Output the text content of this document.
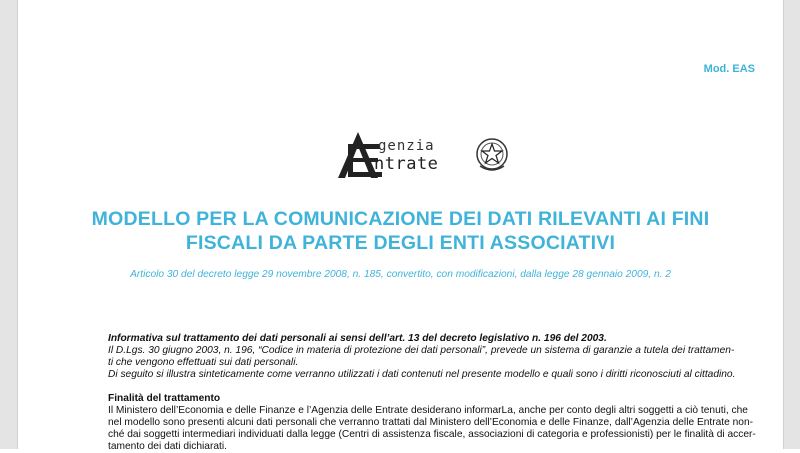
Mod. EAS
genzia
ntrate
MODELLO PER LA COMUNICAZIONE DEI DATI RILEVANTI AI FINI
FISCALI DA PARTE DEGLI ENTI ASSOCIATIVI
Articolo 30 del decreto legge 29 novembre 2008, n. 185, convertito, con modificazioni, dalla legge 28 gennaio 2009, n. 2

Informativa sul trattamento dei dati personali ai sensi dell’art. 13 del decreto legislativo n. 196 del 2003.

Il D.Lgs. 30 giugno 2003, n. 196, “Codice in materia di protezione dei dati personali”, prevede un sistema di garanzie a tutela dei trattamen-

ti che vengono effettuati sui dati personali.

Di seguito si illustra sinteticamente come verranno utilizzati i dati contenuti nel presente modello e quali sono i diritti riconosciuti al cittadino.

Finalità del trattamento

Il Ministero dell’Economia e delle Finanze e l’Agenzia delle Entrate desiderano informarLa, anche per conto degli altri soggetti a ciò tenuti, che

nel modello sono presenti alcuni dati personali che verranno trattati dal Ministero dell’Economia e delle Finanze, dall’Agenzia delle Entrate non-

ché dai soggetti intermediari individuati dalla legge (Centri di assistenza fiscale, associazioni di categoria e professionisti) per le finalità di accer-

tamento dei dati dichiarati.
